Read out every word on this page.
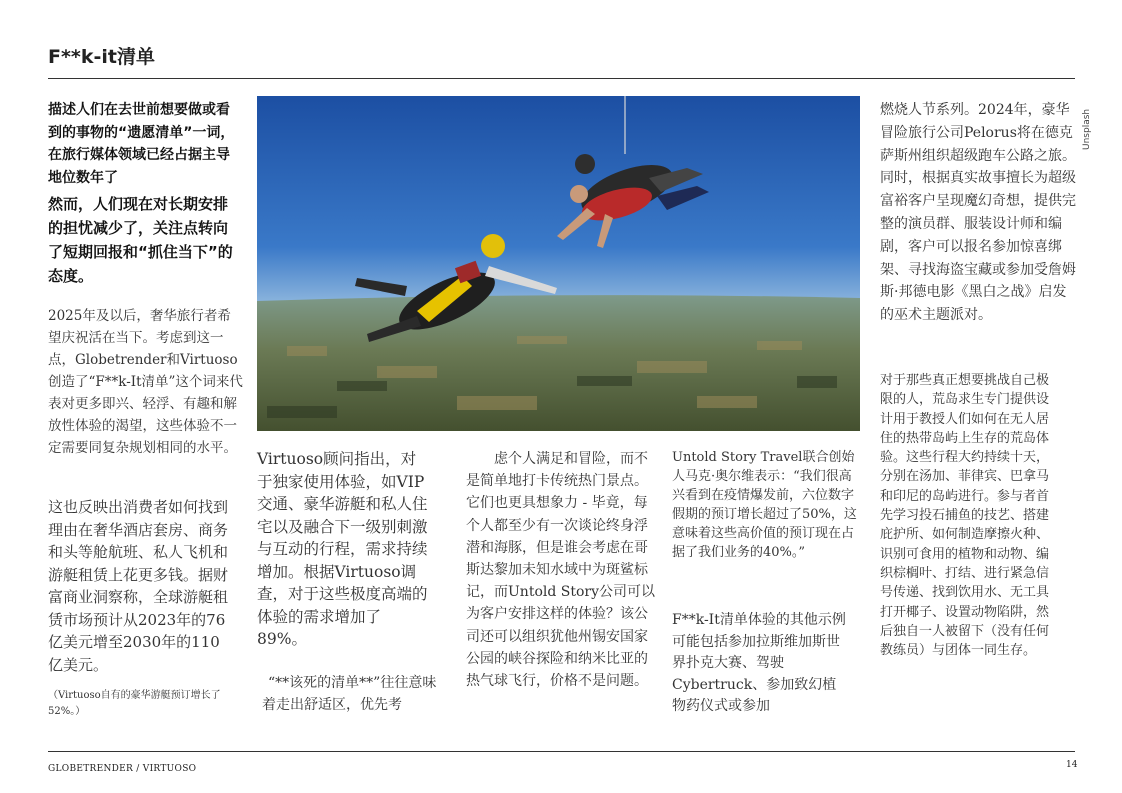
F**k-it清单
Unsplash
描述人们在去世前想要做或看到的事物的“遗愿清单”一词，在旅行媒体领域已经占据主导地位数年了
然而，人们现在对长期安排的担忧减少了，关注点转向了短期回报和“抓住当下”的态度。
2025年及以后，奢华旅行者希望庆祝活在当下。考虑到这一点，Globetrender和Virtuoso创造了“F**k-It清单”这个词来代表对更多即兴、轻浮、有趣和解放性体验的渴望，这些体验不一定需要同复杂规划相同的水平。
这也反映出消费者如何找到理由在奢华酒店套房、商务和头等舱航班、私人飞机和游艇租赁上花更多钱。据财富商业洞察称，全球游艇租赁市场预计从2023年的76亿美元增至2030年的110亿美元。
（Virtuoso自有的豪华游艇预订增长了52%。）
Virtuoso顾问指出，对于独家使用体验，如VIP交通、豪华游艇和私人住宅以及融合下一级别刺激与互动的行程，需求持续增加。根据Virtuoso调查，对于这些极度高端的体验的需求增加了89%。
“**该死的清单**”往往意味着走出舒适区，优先考
虑个人满足和冒险，而不是简单地打卡传统热门景点。它们也更具想象力 - 毕竟，每个人都至少有一次谈论终身浮潜和海豚，但是谁会考虑在哥斯达黎加未知水域中为斑鲨标记，而Untold Story公司可以为客户安排这样的体验？该公司还可以组织犹他州锡安国家公园的峡谷探险和纳米比亚的热气球飞行，价格不是问题。
Untold Story Travel联合创始人马克·奥尔维表示：“我们很高兴看到在疫情爆发前，六位数字假期的预订增长超过了50%，这意味着这些高价值的预订现在占据了我们业务的40%。”
F**k-It清单体验的其他示例可能包括参加拉斯维加斯世界扑克大赛、驾驶Cybertruck、参加致幻植物药仪式或参加
燃烧人节系列。2024年，豪华冒险旅行公司Pelorus将在德克萨斯州组织超级跑车公路之旅。同时，根据真实故事擅长为超级富裕客户呈现魔幻奇想，提供完整的演员群、服装设计师和编剧，客户可以报名参加惊喜绑架、寻找海盗宝藏或参加受詹姆斯·邦德电影《黑白之战》启发的巫术主题派对。
对于那些真正想要挑战自己极限的人，荒岛求生专门提供设计用于教授人们如何在无人居住的热带岛屿上生存的荒岛体验。这些行程大约持续十天，分别在汤加、菲律宾、巴拿马和印尼的岛屿进行。参与者首先学习投石捕鱼的技艺、搭建庇护所、如何制造摩擦火种、识别可食用的植物和动物、编织棕榈叶、打结、进行紧急信号传递、找到饮用水、无工具打开椰子、设置动物陷阱，然后独自一人被留下（没有任何教练员）与团体一同生存。
GLOBETRENDER / VIRTUOSO	14
